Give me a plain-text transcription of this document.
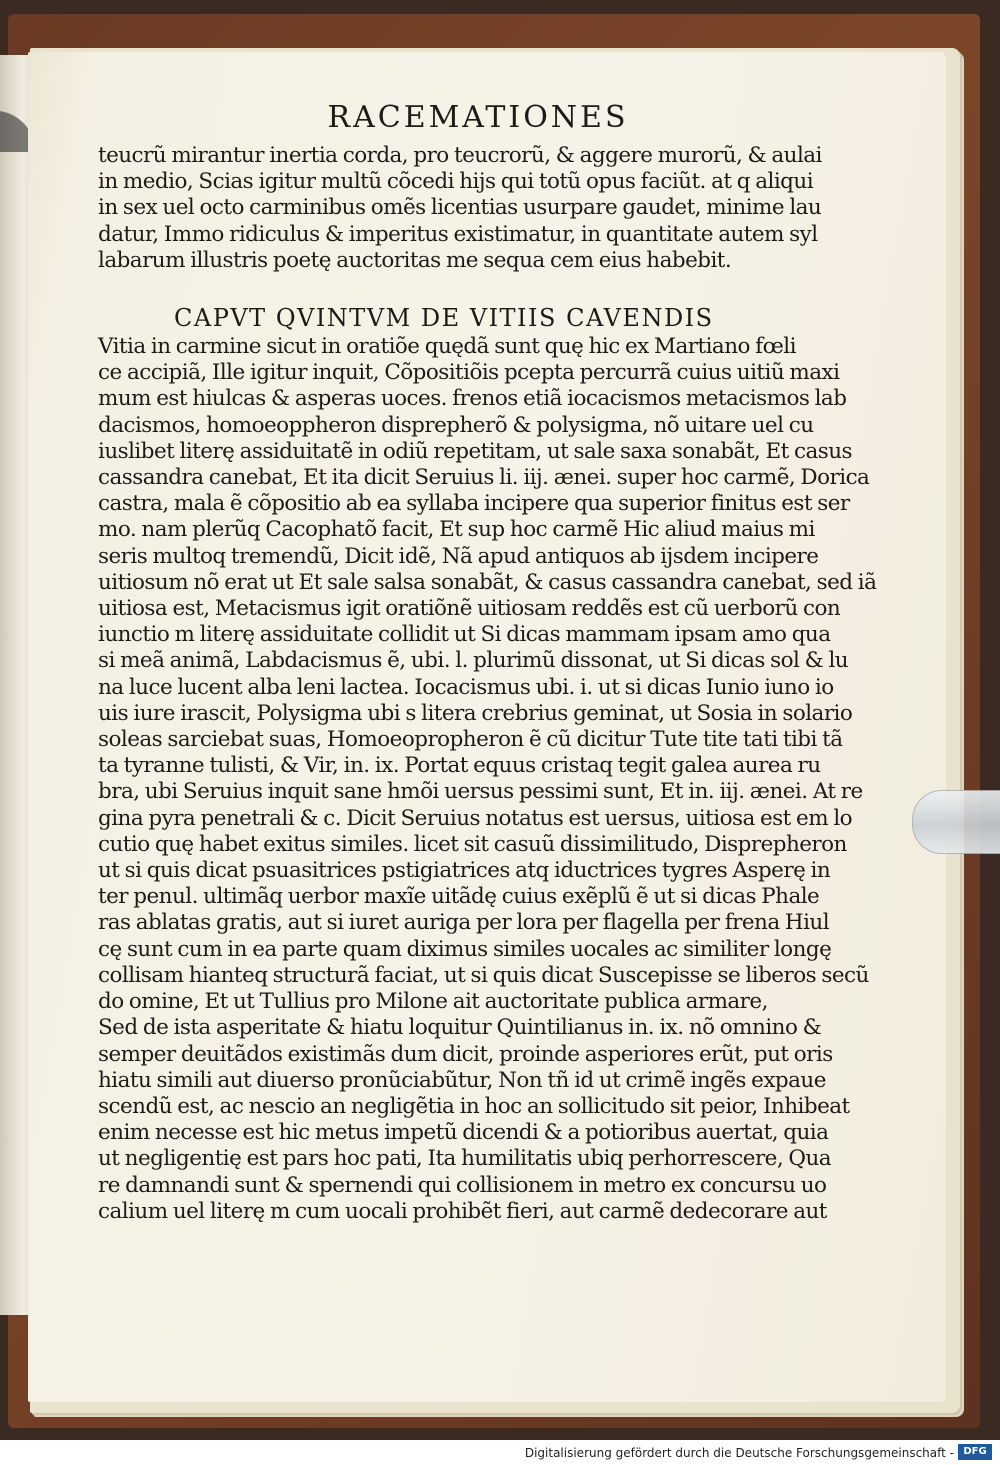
RACEMATIONES
teucrũ mirantur inertia corda, pro teucrorũ, & aggere murorũ, & aulai
in medio, Scias igitur multũ cõcedi hijs qui totũ opus faciũt. at q aliqui
in sex uel octo carminibus omẽs licentias usurpare gaudet, minime lau
datur, Immo ridiculus & imperitus existimatur, in quantitate autem syl
labarum illustris poetę auctoritas me sequa cem eius habebit.
CAPVT QVINTVM DE VITIIS CAVENDIS
Vitia in carmine sicut in oratiõe quędã sunt quę hic ex Martiano fœli
ce accipiã, Ille igitur inquit, Cõpositiõis pcepta percurrã cuius uitiũ maxi
mum est hiulcas & asperas uoces. frenos etiã iocacismos metacismos lab
dacismos, homoeoppheron disprepherõ & polysigma, nõ uitare uel cu
iuslibet literę assiduitatẽ in odiũ repetitam, ut sale saxa sonabãt, Et casus
cassandra canebat, Et ita dicit Seruius li. iij. ænei. super hoc carmẽ, Dorica
castra, mala ẽ cõpositio ab ea syllaba incipere qua superior finitus est ser
mo. nam plerũq Cacophatõ facit, Et sup hoc carmẽ Hic aliud maius mi
seris multoq tremendũ, Dicit idẽ, Nã apud antiquos ab ijsdem incipere
uitiosum nõ erat ut Et sale salsa sonabãt, & casus cassandra canebat, sed iã
uitiosa est, Metacismus igit oratiõnẽ uitiosam reddẽs est cũ uerborũ con
iunctio m literę assiduitate collidit ut Si dicas mammam ipsam amo qua
si meã animã, Labdacismus ẽ, ubi. l. plurimũ dissonat, ut Si dicas sol & lu
na luce lucent alba leni lactea. Iocacismus ubi. i. ut si dicas Iunio iuno io
uis iure irascit, Polysigma ubi s litera crebrius geminat, ut Sosia in solario
soleas sarciebat suas, Homoeopropheron ẽ cũ dicitur Tute tite tati tibi tã
ta tyranne tulisti, & Vir, in. ix. Portat equus cristaq tegit galea aurea ru
bra, ubi Seruius inquit sane hmõi uersus pessimi sunt, Et in. iij. ænei. At re
gina pyra penetrali & c. Dicit Seruius notatus est uersus, uitiosa est em lo
cutio quę habet exitus similes. licet sit casuũ dissimilitudo, Disprepheron
ut si quis dicat psuasitrices pstigiatrices atq iductrices tygres Asperę in
ter penul. ultimãq uerbor maxĩe uitãdę cuius exẽplũ ẽ ut si dicas Phale
ras ablatas gratis, aut si iuret auriga per lora per flagella per frena Hiul
cę sunt cum in ea parte quam diximus similes uocales ac similiter longę
collisam hianteq structurã faciat, ut si quis dicat Suscepisse se liberos secũ
do omine, Et ut Tullius pro Milone ait auctoritate publica armare,
Sed de ista asperitate & hiatu loquitur Quintilianus in. ix. nõ omnino &
semper deuitãdos existimãs dum dicit, proinde asperiores erũt, put oris
hiatu simili aut diuerso pronũciabũtur, Non tñ id ut crimẽ ingẽs expaue
scendũ est, ac nescio an negligẽtia in hoc an sollicitudo sit peior, Inhibeat
enim necesse est hic metus impetũ dicendi & a potioribus auertat, quia
ut negligentię est pars hoc pati, Ita humilitatis ubiq perhorrescere, Qua
re damnandi sunt & spernendi qui collisionem in metro ex concursu uo
calium uel literę m cum uocali prohibẽt fieri, aut carmẽ dedecorare aut
Digitalisierung gefördert durch die Deutsche Forschungsgemeinschaft - DFG
